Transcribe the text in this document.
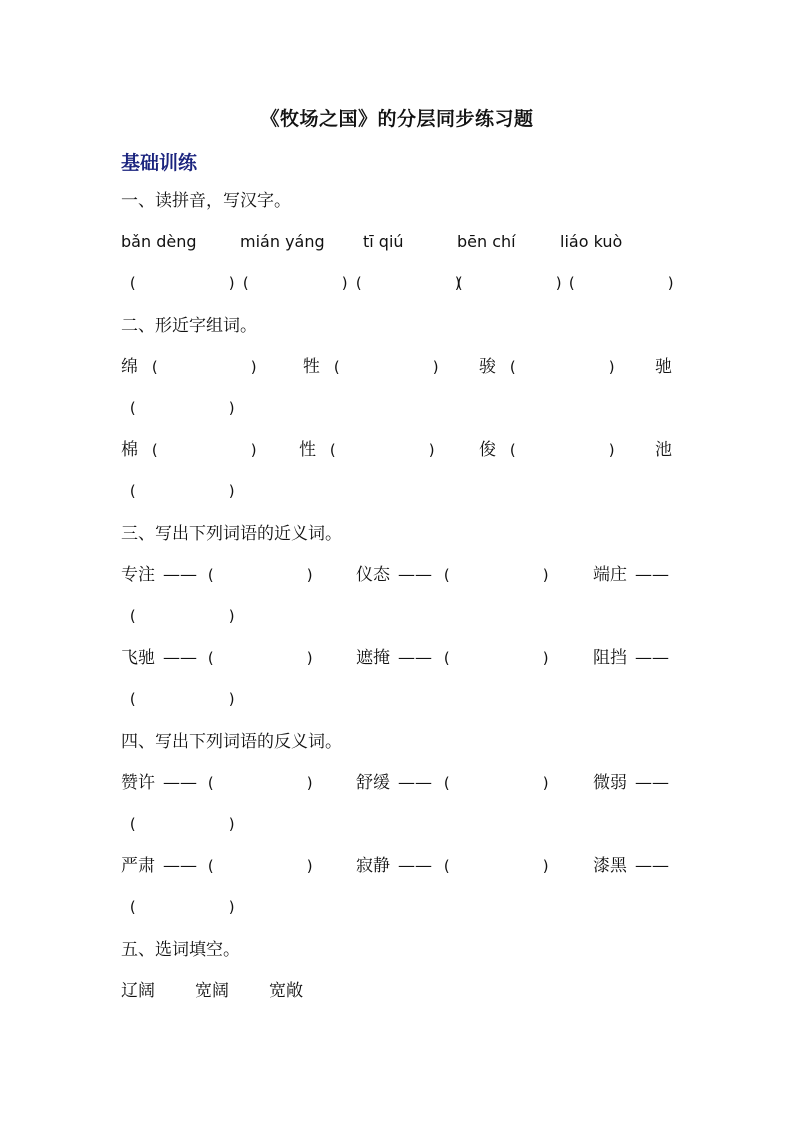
《牧场之国》的分层同步练习题
基础训练
一、读拼音，写汉字。
bǎn dèng	mián yáng tī qiú	bēn chí	liáo kuò
(          ) (          ) (          )
(          ) (          )
二、形近字组词。
绵 (          )	牲 (          ) 骏 (          ) 驰
(          )
棉 (          ) 性 (          )	俊 (          ) 池
(          )
三、写出下列词语的近义词。
专注 —— (          ) 仪态 —— (          )	端庄 ——
(          )
飞驰 —— (          ) 遮掩 —— (          )	阻挡 ——
(          )
四、写出下列词语的反义词。
赞许 —— (          ) 舒缓 —— (          )	微弱 ——
(          )
严肃 —— (          ) 寂静 —— (          )	漆黑 ——
(          )
五、选词填空。
辽阔 宽阔 宽敞
